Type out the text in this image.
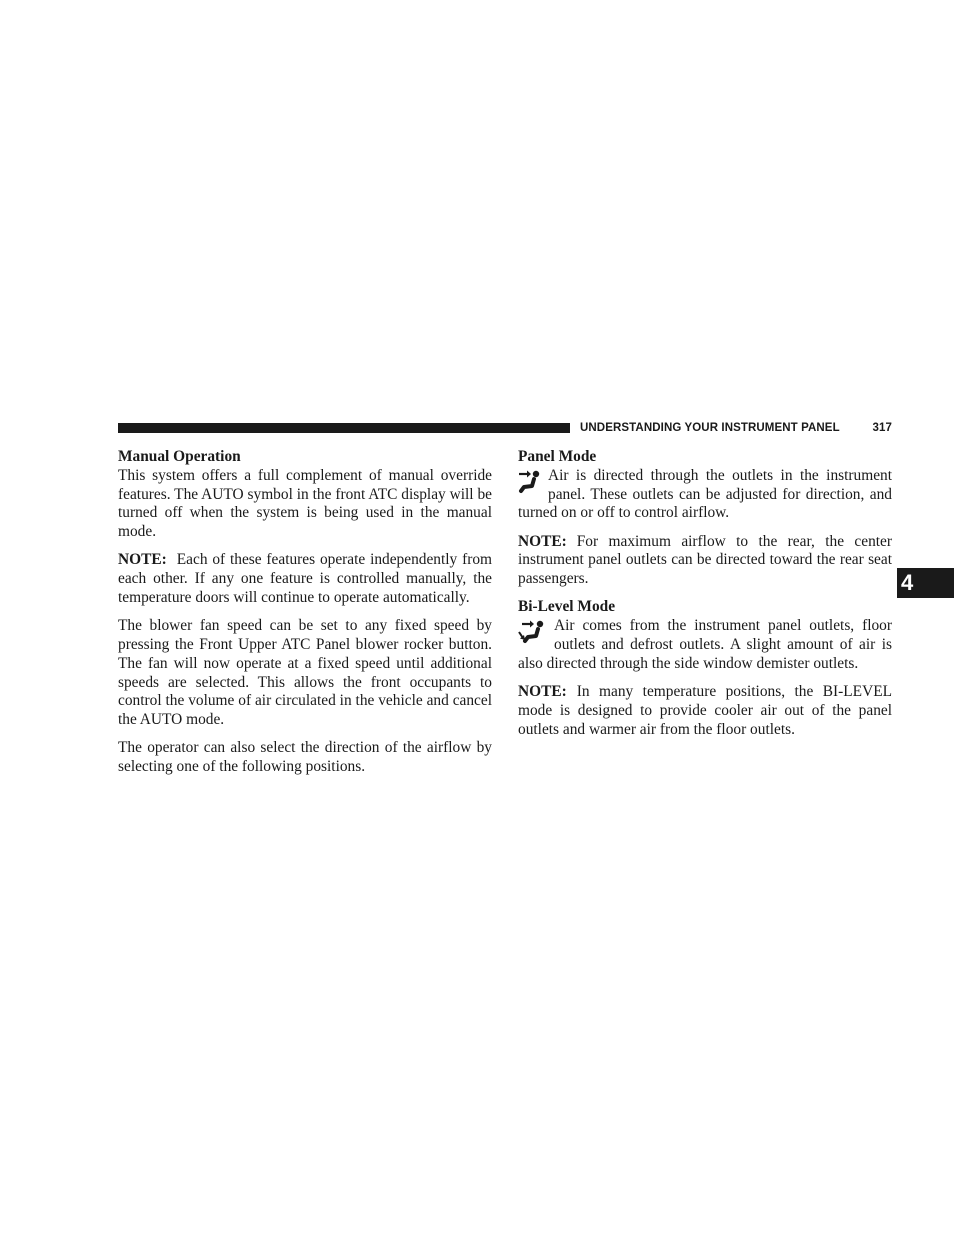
UNDERSTANDING YOUR INSTRUMENT PANEL	317
4

Manual Operation

This system offers a full complement of manual override features. The AUTO symbol in the front ATC display will be turned off when the system is being used in the manual mode.

NOTE: Each of these features operate independently from each other. If any one feature is controlled manually, the temperature doors will continue to operate automatically.

The blower fan speed can be set to any fixed speed by pressing the Front Upper ATC Panel blower rocker button. The fan will now operate at a fixed speed until additional speeds are selected. This allows the front occupants to control the volume of air circulated in the vehicle and cancel the AUTO mode.

The operator can also select the direction of the airflow by selecting one of the following positions.

Panel Mode

Air is directed through the outlets in the instrument panel. These outlets can be adjusted for direction, and turned on or off to control airflow.

NOTE: For maximum airflow to the rear, the center instrument panel outlets can be directed toward the rear seat passengers.

Bi-Level Mode

Air comes from the instrument panel outlets, floor outlets and defrost outlets. A slight amount of air is also directed through the side window demister outlets.

NOTE: In many temperature positions, the BI-LEVEL mode is designed to provide cooler air out of the panel outlets and warmer air from the floor outlets.
